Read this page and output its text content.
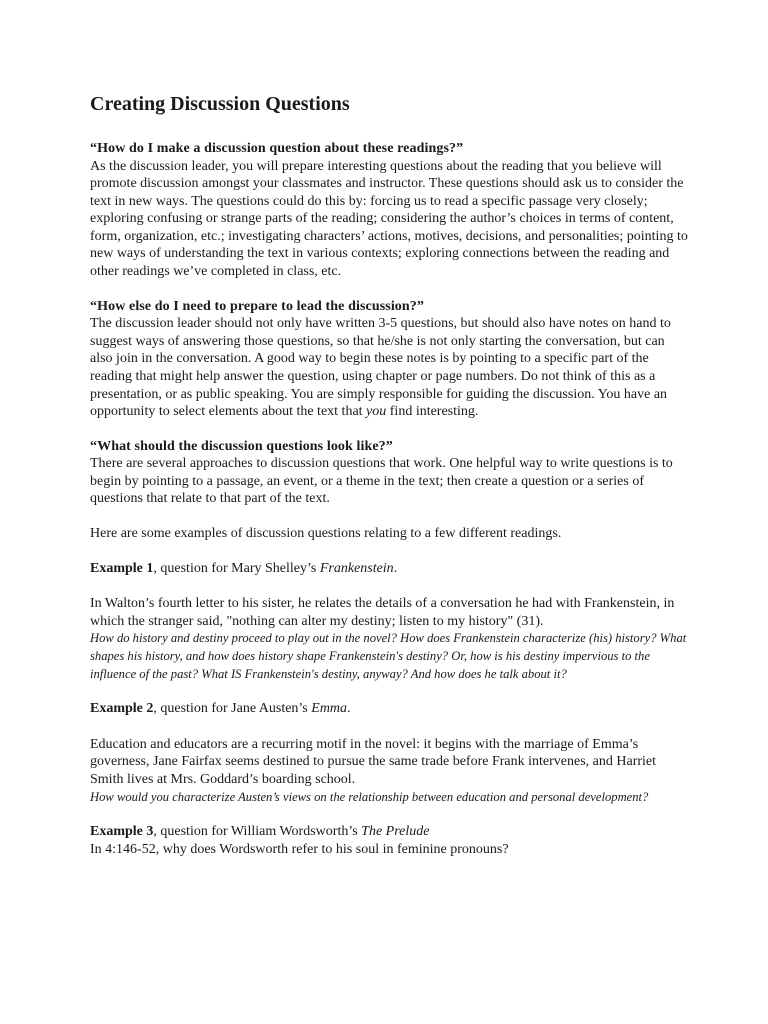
Creating Discussion Questions

“How do I make a discussion question about these readings?”

As the discussion leader, you will prepare interesting questions about the reading that you believe will promote discussion amongst your classmates and instructor. These questions should ask us to consider the text in new ways. The questions could do this by: forcing us to read a specific passage very closely; exploring confusing or strange parts of the reading; considering the author’s choices in terms of content, form, organization, etc.; investigating characters’ actions, motives, decisions, and personalities; pointing to new ways of understanding the text in various contexts; exploring connections between the reading and other readings we’ve completed in class, etc.

“How else do I need to prepare to lead the discussion?”

The discussion leader should not only have written 3-5 questions, but should also have notes on hand to suggest ways of answering those questions, so that he/she is not only starting the conversation, but can also join in the conversation. A good way to begin these notes is by pointing to a specific part of the reading that might help answer the question, using chapter or page numbers. Do not think of this as a presentation, or as public speaking. You are simply responsible for guiding the discussion. You have an opportunity to select elements about the text that you find interesting.

“What should the discussion questions look like?”

There are several approaches to discussion questions that work. One helpful way to write questions is to begin by pointing to a passage, an event, or a theme in the text; then create a question or a series of questions that relate to that part of the text.

Here are some examples of discussion questions relating to a few different readings.

Example 1, question for Mary Shelley’s Frankenstein.

In Walton’s fourth letter to his sister, he relates the details of a conversation he had with Frankenstein, in which the stranger said, "nothing can alter my destiny; listen to my history" (31).

How do history and destiny proceed to play out in the novel? How does Frankenstein characterize (his) history? What shapes his history, and how does history shape Frankenstein's destiny? Or, how is his destiny impervious to the influence of the past? What IS Frankenstein's destiny, anyway? And how does he talk about it?

Example 2, question for Jane Austen’s Emma.

Education and educators are a recurring motif in the novel: it begins with the marriage of Emma’s governess, Jane Fairfax seems destined to pursue the same trade before Frank intervenes, and Harriet Smith lives at Mrs. Goddard’s boarding school.

How would you characterize Austen’s views on the relationship between education and personal development?

Example 3, question for William Wordsworth’s The Prelude

In 4:146-52, why does Wordsworth refer to his soul in feminine pronouns?
